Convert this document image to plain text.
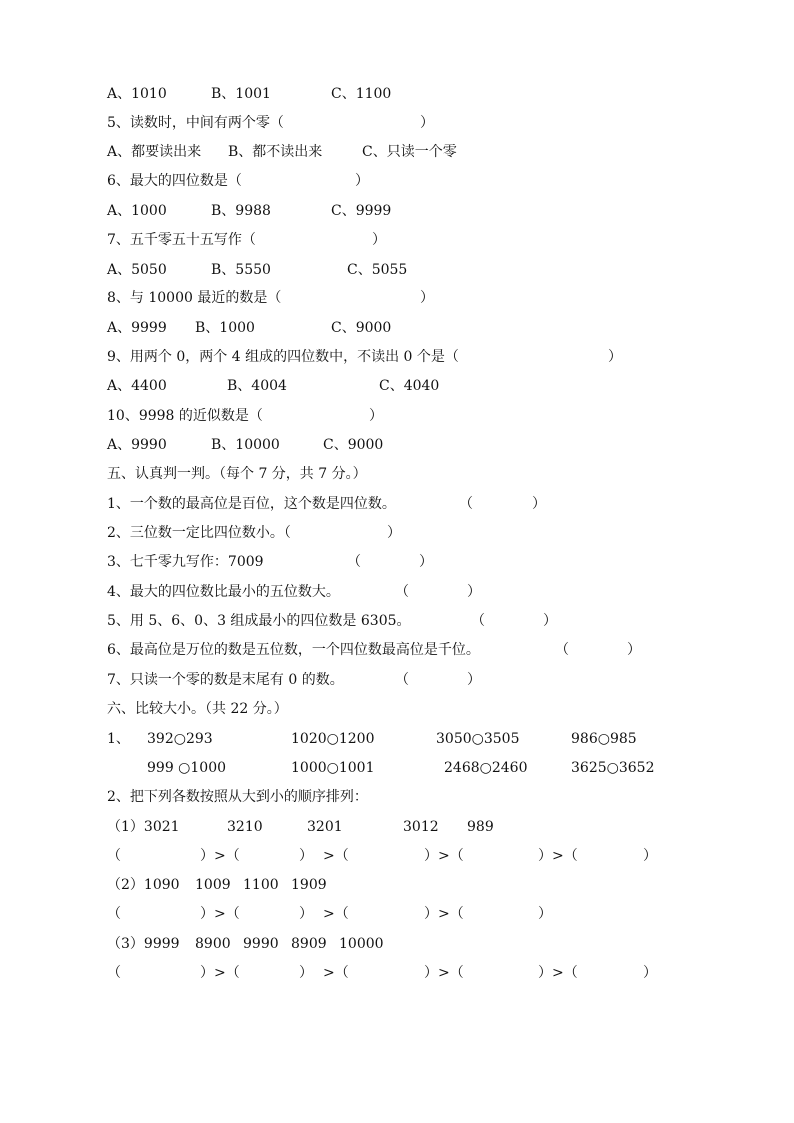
A、1010	B、1001	C、1100
5、读数时，中间有两个零（	）
A、都要读出来 B、都不读出来	C、只读一个零
6、最大的四位数是（	）
A、1000	B、9988	C、9999
7、五千零五十五写作（	）
A、5050	B、5550	C、5055
8、与 10000 最近的数是（	）
A、9999 B、1000	C、9000
9、用两个 0，两个 4 组成的四位数中，不读出 0 个是（	）
A、4400	B、4004	C、4040
10、9998 的近似数是（	）
A、9990	B、10000	C、9000
五、认真判一判。（每个 7 分，共 7 分。）
1、一个数的最高位是百位，这个数是四位数。	（	）
2、三位数一定比四位数小。（	）
3、七千零九写作：7009	（	）
4、最大的四位数比最小的五位数大。	（	）
5、用 5、6、0、3 组成最小的四位数是 6305。	（	）
6、最高位是万位的数是五位数，一个四位数最高位是千位。	（	）
7、只读一个零的数是末尾有 0 的数。	（	）
六、比较大小。（共 22 分。）
1、 392○293	1020○1200	3050○3505	986○985
999 ○1000	1000○1001	2468○2460	3625○3652
2、把下列各数按照从大到小的顺序排列：
（1）3021	3210	3201	3012 989
（	）>（	） >（	）>（	）>（	）
（2）1090 1009 1100 1909
（	）>（	） >（	）>（	）
（3）9999 8900 9990 8909 10000
（	）>（	） >（	）>（	）>（	）
